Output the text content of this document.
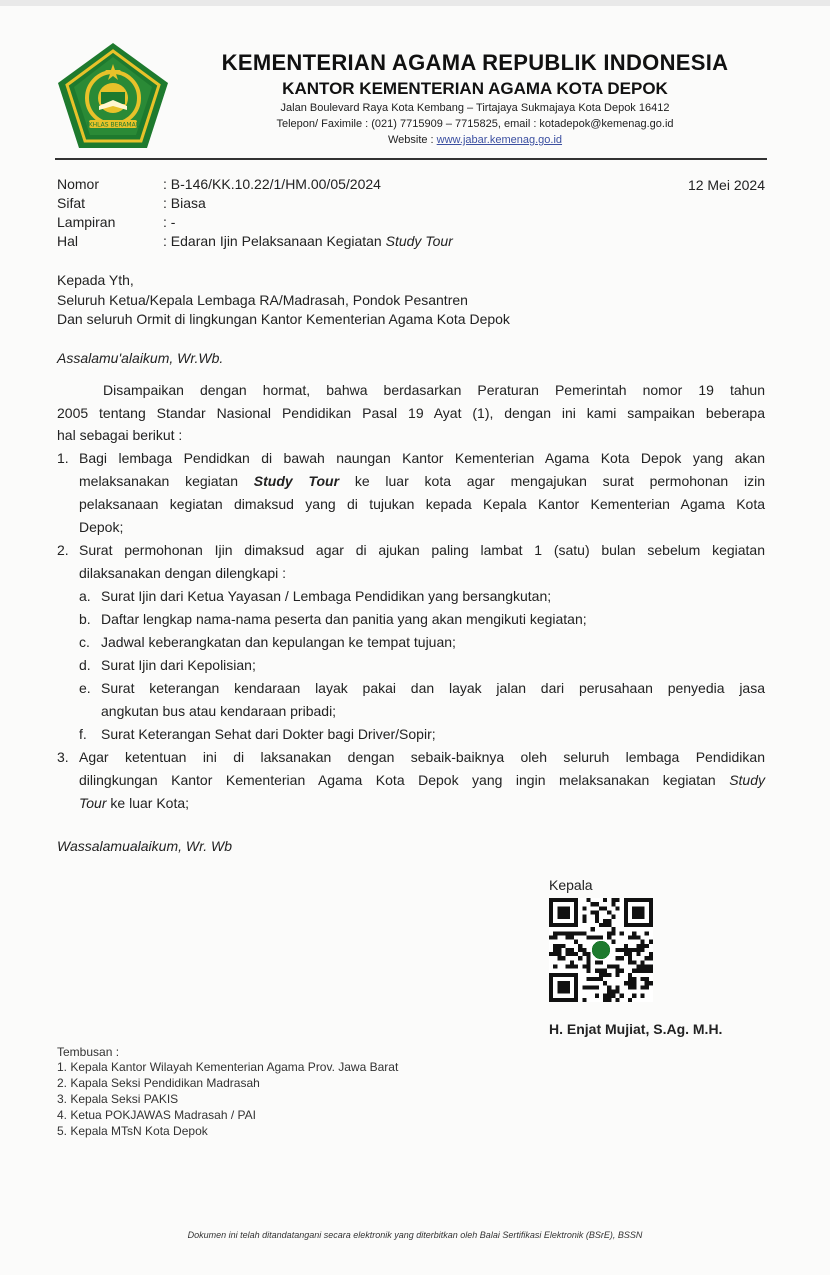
IKHLAS BERAMAL
KEMENTERIAN AGAMA REPUBLIK INDONESIA
KANTOR KEMENTERIAN AGAMA KOTA DEPOK
Jalan Boulevard Raya Kota Kembang – Tirtajaya Sukmajaya Kota Depok 16412
Telepon/ Faximile : (021) 7715909 – 7715825, email : kotadepok@kemenag.go.id
Website : www.jabar.kemenag.go.id
Nomor	: B-146/KK.10.22/1/HM.00/05/2024
Sifat	: Biasa
Lampiran	: -
Hal	: Edaran Ijin Pelaksanaan Kegiatan Study Tour
12 Mei 2024
Kepada Yth,
Seluruh Ketua/Kepala Lembaga RA/Madrasah, Pondok Pesantren
Dan seluruh Ormit di lingkungan Kantor Kementerian Agama Kota Depok
Assalamu'alaikum, Wr.Wb.
Disampaikan dengan hormat, bahwa berdasarkan Peraturan Pemerintah nomor 19 tahun
2005 tentang Standar Nasional Pendidikan Pasal 19 Ayat (1), dengan ini kami sampaikan beberapa
hal sebagai berikut :
1. Bagi lembaga Pendidkan di bawah naungan Kantor Kementerian Agama Kota Depok yang akan
melaksanakan kegiatan Study Tour ke luar kota agar mengajukan surat permohonan izin
pelaksanaan kegiatan dimaksud yang di tujukan kepada Kepala Kantor Kementerian Agama Kota
Depok;
2. Surat permohonan Ijin dimaksud agar di ajukan paling lambat 1 (satu) bulan sebelum kegiatan
dilaksanakan dengan dilengkapi :
a. Surat Ijin dari Ketua Yayasan / Lembaga Pendidikan yang bersangkutan;
b. Daftar lengkap nama-nama peserta dan panitia yang akan mengikuti kegiatan;
c. Jadwal keberangkatan dan kepulangan ke tempat tujuan;
d. Surat Ijin dari Kepolisian;
e. Surat keterangan kendaraan layak pakai dan layak jalan dari perusahaan penyedia jasa
angkutan bus atau kendaraan pribadi;
f. Surat Keterangan Sehat dari Dokter bagi Driver/Sopir;
3. Agar ketentuan ini di laksanakan dengan sebaik-baiknya oleh seluruh lembaga Pendidikan
dilingkungan Kantor Kementerian Agama Kota Depok yang ingin melaksanakan kegiatan Study
Tour ke luar Kota;
Wassalamualaikum, Wr. Wb
Kepala
H. Enjat Mujiat, S.Ag. M.H.
Tembusan :
1. Kepala Kantor Wilayah Kementerian Agama Prov. Jawa Barat
2. Kapala Seksi Pendidikan Madrasah
3. Kepala Seksi PAKIS
4. Ketua POKJAWAS Madrasah / PAI
5. Kepala MTsN Kota Depok
Dokumen ini telah ditandatangani secara elektronik yang diterbitkan oleh Balai Sertifikasi Elektronik (BSrE), BSSN
